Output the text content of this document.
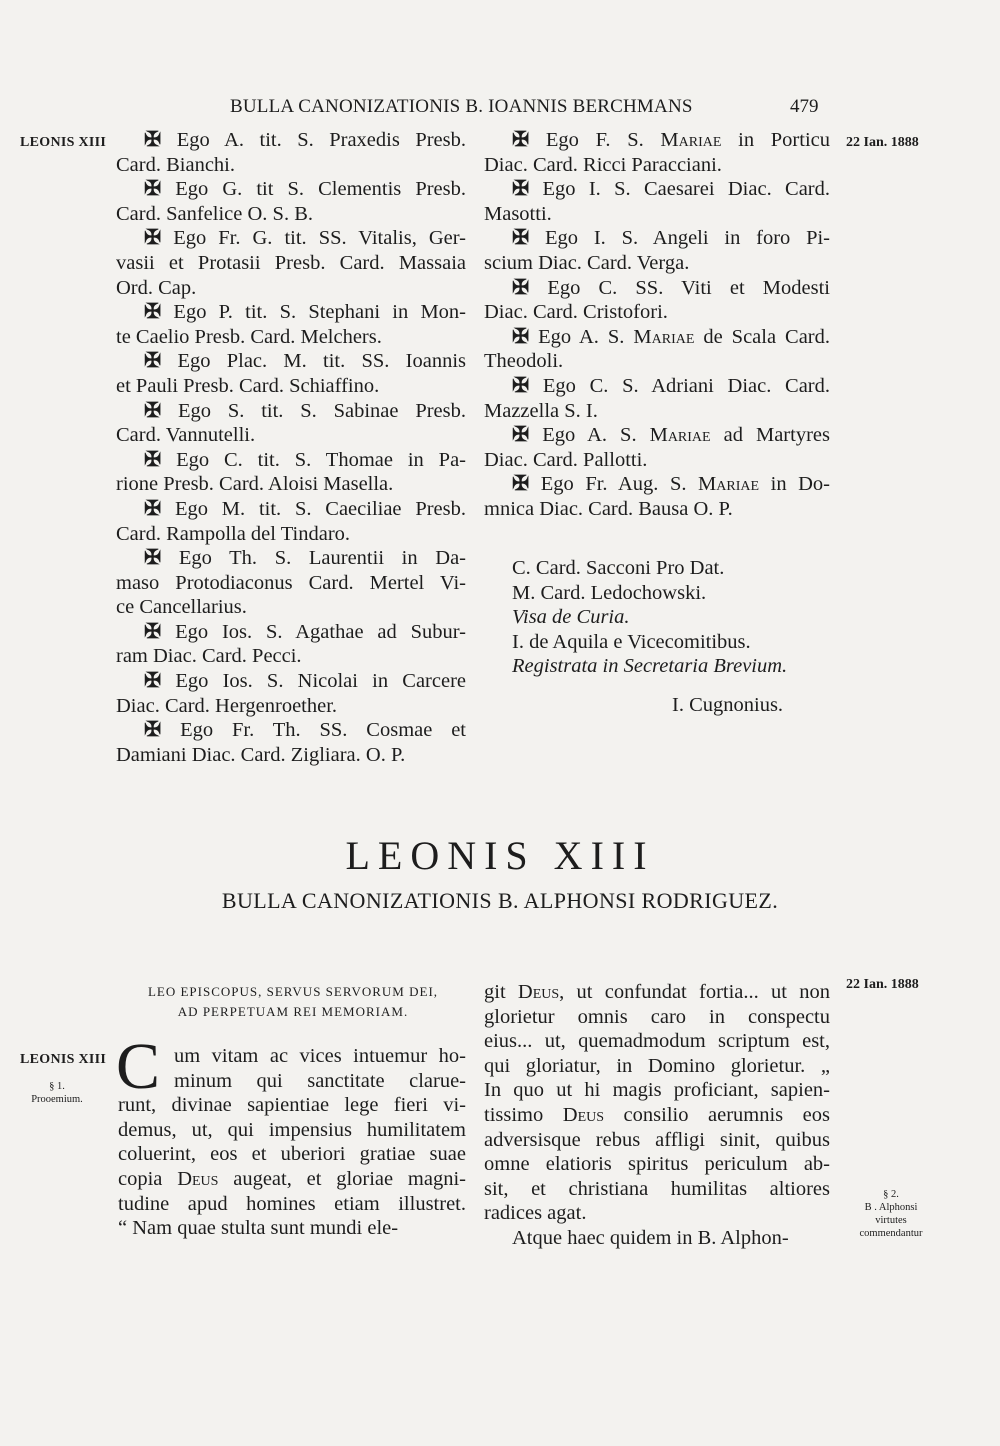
BULLA CANONIZATIONIS B. IOANNIS BERCHMANS	479
LEONIS XIII	22 Ian. 1888
✠ Ego A. tit. S. Praxedis Presb.
Card. Bianchi.
✠ Ego G. tit S. Clementis Presb.
Card. Sanfelice O. S. B.
✠ Ego Fr. G. tit. SS. Vitalis, Ger-
vasii et Protasii Presb. Card. Massaia
Ord. Cap.
✠ Ego P. tit. S. Stephani in Mon-
te Caelio Presb. Card. Melchers.
✠ Ego Plac. M. tit. SS. Ioannis
et Pauli Presb. Card. Schiaffino.
✠ Ego S. tit. S. Sabinae Presb.
Card. Vannutelli.
✠ Ego C. tit. S. Thomae in Pa-
rione Presb. Card. Aloisi Masella.
✠ Ego M. tit. S. Caeciliae Presb.
Card. Rampolla del Tindaro.
✠ Ego Th. S. Laurentii in Da-
maso Protodiaconus Card. Mertel Vi-
ce Cancellarius.
✠ Ego Ios. S. Agathae ad Subur-
ram Diac. Card. Pecci.
✠ Ego Ios. S. Nicolai in Carcere
Diac. Card. Hergenroether.
✠ Ego Fr. Th. SS. Cosmae et
Damiani Diac. Card. Zigliara. O. P.
✠ Ego F. S. Mariae in Porticu
Diac. Card. Ricci Paracciani.
✠ Ego I. S. Caesarei Diac. Card.
Masotti.
✠ Ego I. S. Angeli in foro Pi-
scium Diac. Card. Verga.
✠ Ego C. SS. Viti et Modesti
Diac. Card. Cristofori.
✠ Ego A. S. Mariae de Scala Card.
Theodoli.
✠ Ego C. S. Adriani Diac. Card.
Mazzella S. I.
✠ Ego A. S. Mariae ad Martyres
Diac. Card. Pallotti.
✠ Ego Fr. Aug. S. Mariae in Do-
mnica Diac. Card. Bausa O. P.
C. Card. Sacconi Pro Dat.
M. Card. Ledochowski.
Visa de Curia.
I. de Aquila e Vicecomitibus.
Registrata in Secretaria Brevium.
I. Cugnonius.
LEONIS XIII
BULLA CANONIZATIONIS B. ALPHONSI RODRIGUEZ.
LEO EPISCOPUS, SERVUS SERVORUM DEI,
AD PERPETUAM REI MEMORIAM.
22 Ian. 1888
LEONIS XIII
§ 1.
Prooemium.
§ 2.
B . Alphonsi
virtutes
commendantur
C um vitam ac vices intuemur ho-
minum qui sanctitate clarue-
runt, divinae sapientiae lege fieri vi-
demus, ut, qui impensius humilitatem
coluerint, eos et uberiori gratiae suae
copia Deus augeat, et gloriae magni-
tudine apud homines etiam illustret.
“ Nam quae stulta sunt mundi ele-
git Deus, ut confundat fortia... ut non
glorietur omnis caro in conspectu
eius... ut, quemadmodum scriptum est,
qui gloriatur, in Domino glorietur. „
In quo ut hi magis proficiant, sapien-
tissimo Deus consilio aerumnis eos
adversisque rebus affligi sinit, quibus
omne elatioris spiritus periculum ab-
sit, et christiana humilitas altiores
radices agat.
Atque haec quidem in B. Alphon-
